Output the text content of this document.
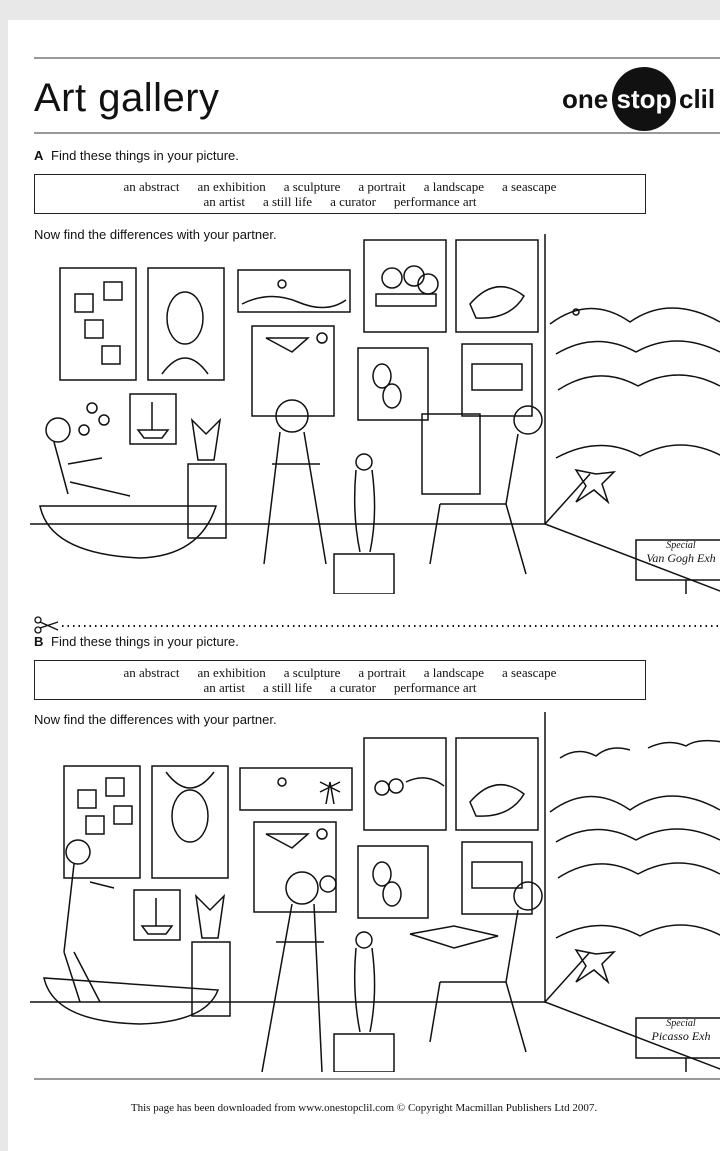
Art gallery	one stop clil
A Find these things in your picture.
an abstract an exhibition a sculpture a portrait a landscape a seascape
an artist a still life a curator performance art
Now find the differences with your partner.
Special
Van Gogh Exh
B Find these things in your picture.
an abstract an exhibition a sculpture a portrait a landscape a seascape
an artist a still life a curator performance art
Now find the differences with your partner.
Special
Picasso Exh
This page has been downloaded from www.onestopclil.com © Copyright Macmillan Publishers Ltd 2007.
